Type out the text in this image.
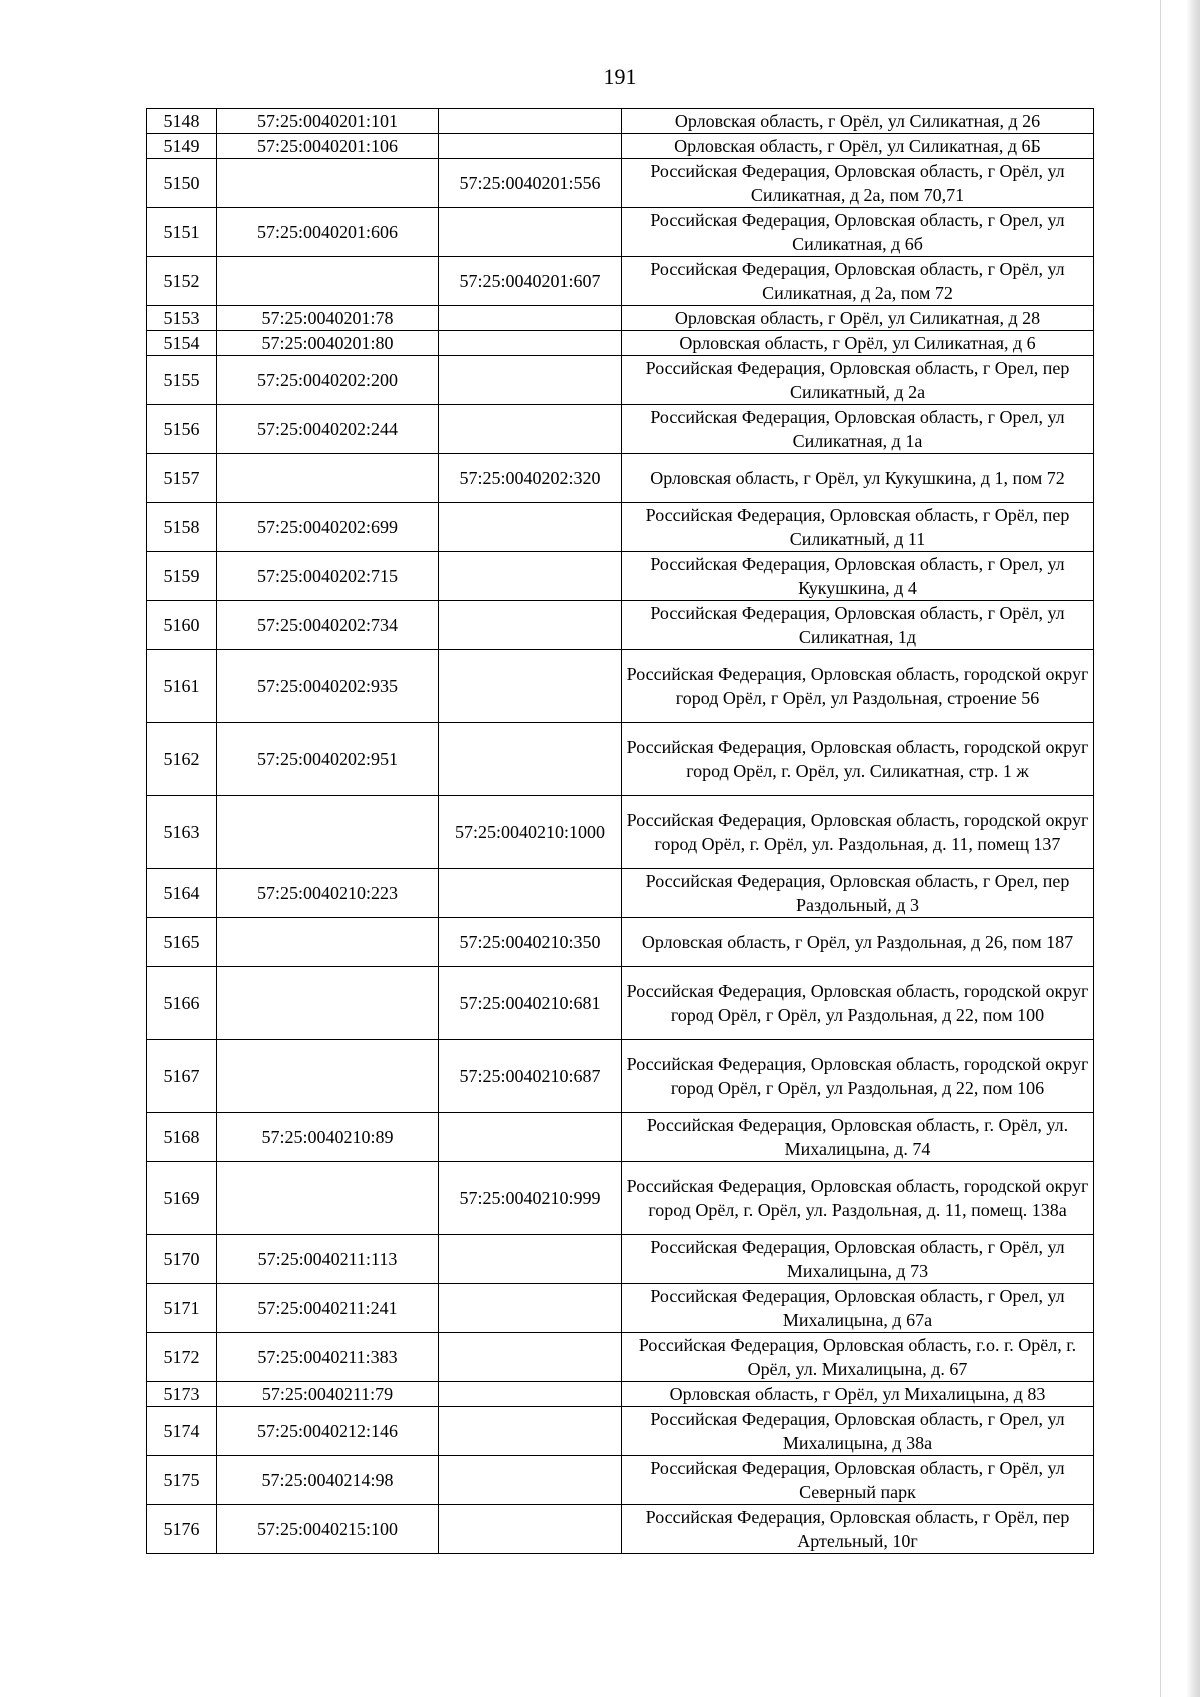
191
5148	57:25:0040201:101		Орловская область, г Орёл, ул Силикатная, д 26
5149	57:25:0040201:106		Орловская область, г Орёл, ул Силикатная, д 6Б
5150		57:25:0040201:556	Российская Федерация, Орловская область, г Орёл, ул Силикатная, д 2а, пом 70,71
5151	57:25:0040201:606		Российская Федерация, Орловская область, г Орел, ул Силикатная, д 6б
5152		57:25:0040201:607	Российская Федерация, Орловская область, г Орёл, ул Силикатная, д 2а, пом 72
5153	57:25:0040201:78		Орловская область, г Орёл, ул Силикатная, д 28
5154	57:25:0040201:80		Орловская область, г Орёл, ул Силикатная, д 6
5155	57:25:0040202:200		Российская Федерация, Орловская область, г Орел, пер Силикатный, д 2а
5156	57:25:0040202:244		Российская Федерация, Орловская область, г Орел, ул Силикатная, д 1а
5157		57:25:0040202:320	Орловская область, г Орёл, ул Кукушкина, д 1, пом 72
5158	57:25:0040202:699		Российская Федерация, Орловская область, г Орёл, пер Силикатный, д 11
5159	57:25:0040202:715		Российская Федерация, Орловская область, г Орел, ул Кукушкина, д 4
5160	57:25:0040202:734		Российская Федерация, Орловская область, г Орёл, ул Силикатная, 1д
5161	57:25:0040202:935		Российская Федерация, Орловская область, городской округ город Орёл, г Орёл, ул Раздольная, строение 56
5162	57:25:0040202:951		Российская Федерация, Орловская область, городской округ город Орёл, г. Орёл, ул. Силикатная, стр. 1 ж
5163		57:25:0040210:1000	Российская Федерация, Орловская область, городской округ город Орёл, г. Орёл, ул. Раздольная, д. 11, помещ 137
5164	57:25:0040210:223		Российская Федерация, Орловская область, г Орел, пер Раздольный, д 3
5165		57:25:0040210:350	Орловская область, г Орёл, ул Раздольная, д 26, пом 187
5166		57:25:0040210:681	Российская Федерация, Орловская область, городской округ город Орёл, г Орёл, ул Раздольная, д 22, пом 100
5167		57:25:0040210:687	Российская Федерация, Орловская область, городской округ город Орёл, г Орёл, ул Раздольная, д 22, пом 106
5168	57:25:0040210:89		Российская Федерация, Орловская область, г. Орёл, ул. Михалицына, д. 74
5169		57:25:0040210:999	Российская Федерация, Орловская область, городской округ город Орёл, г. Орёл, ул. Раздольная, д. 11, помещ. 138а
5170	57:25:0040211:113		Российская Федерация, Орловская область, г Орёл, ул Михалицына, д 73
5171	57:25:0040211:241		Российская Федерация, Орловская область, г Орел, ул Михалицына, д 67а
5172	57:25:0040211:383		Российская Федерация, Орловская область, г.о. г. Орёл, г. Орёл, ул. Михалицына, д. 67
5173	57:25:0040211:79		Орловская область, г Орёл, ул Михалицына, д 83
5174	57:25:0040212:146		Российская Федерация, Орловская область, г Орел, ул Михалицына, д 38а
5175	57:25:0040214:98		Российская Федерация, Орловская область, г Орёл, ул Северный парк
5176	57:25:0040215:100		Российская Федерация, Орловская область, г Орёл, пер Артельный, 10г
